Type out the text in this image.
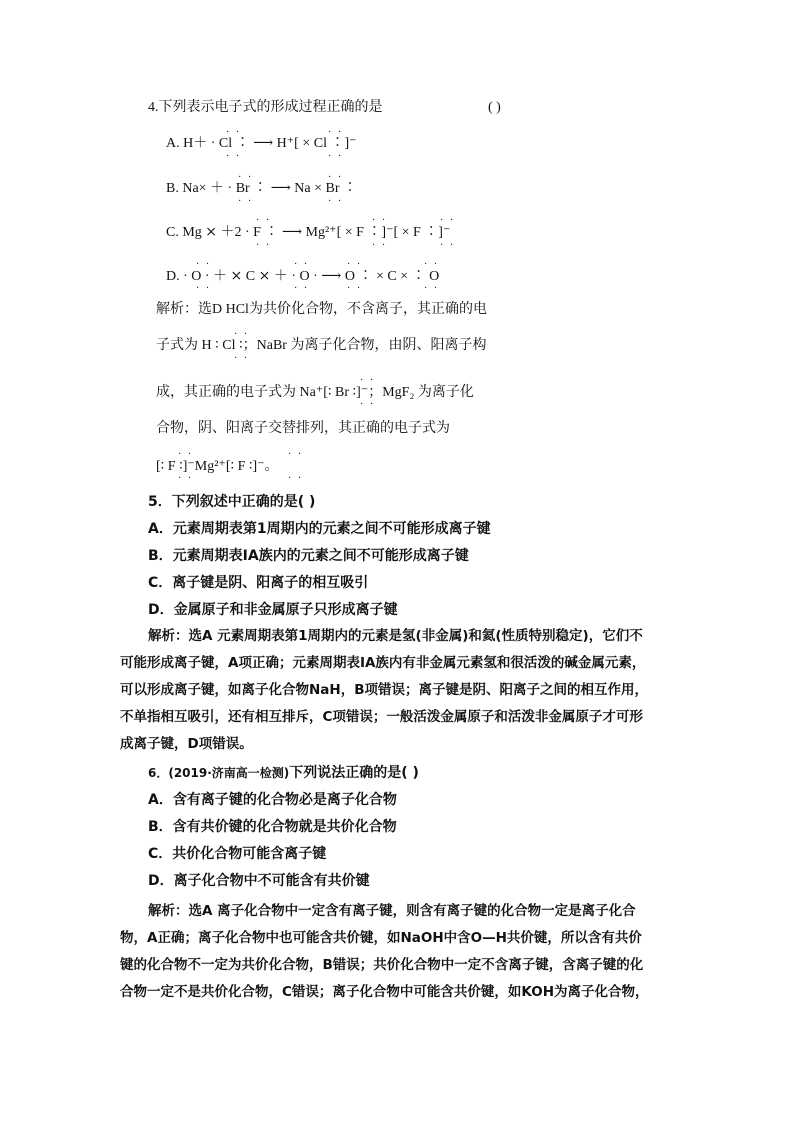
4.下列表示电子式的形成过程正确的是	( )
· ·	· ·
A. H＋ · Cl ∶ ⟶ H⁺[ × Cl ∶]⁻
· ·	· ·
· ·	· ·
B. Na× ＋ · Br ∶ ⟶ Na × Br ∶
· ·	· ·
· ·	· ·	· ·
C. Mg ⨯ ＋2 · F ∶ ⟶ Mg²⁺[ × F ∶]⁻[ × F ∶]⁻
· ·	· ·	· ·
· ·	· ·	· ·	· ·
D. · O · ＋ ⨯ C ⨯ ＋ · O · ⟶ O ∶ × C × ∶ O
· ·	· ·	· ·	· ·
解析：选D HCl为共价化合物，不含离子，其正确的电
· ·
子式为 H ∶ Cl ∶；NaBr 为离子化合物，由阴、阳离子构
· ·
· ·
成，其正确的电子式为 Na⁺[∶ Br ∶]⁻；MgF₂ 为离子化
· ·
合物，阴、阳离子交替排列，其正确的电子式为
· ·	· ·
[∶ F ∶]⁻Mg²⁺[∶ F ∶]⁻。
· ·	· ·
5．下列叙述中正确的是( )
A．元素周期表第1周期内的元素之间不可能形成离子键
B．元素周期表ⅠA族内的元素之间不可能形成离子键
C．离子键是阴、阳离子的相互吸引
D．金属原子和非金属原子只形成离子键
解析：选A 元素周期表第1周期内的元素是氢(非金属)和氦(性质特别稳定)，它们不
可能形成离子键，A项正确；元素周期表ⅠA族内有非金属元素氢和很活泼的碱金属元素，
可以形成离子键，如离子化合物NaH，B项错误；离子键是阴、阳离子之间的相互作用，
不单指相互吸引，还有相互排斥，C项错误；一般活泼金属原子和活泼非金属原子才可形
成离子键，D项错误。
6．(2019·济南高一检测)下列说法正确的是( )
A．含有离子键的化合物必是离子化合物
B．含有共价键的化合物就是共价化合物
C．共价化合物可能含离子键
D．离子化合物中不可能含有共价键
解析：选A 离子化合物中一定含有离子键，则含有离子键的化合物一定是离子化合
物，A正确；离子化合物中也可能含共价键，如NaOH中含O—H共价键，所以含有共价
键的化合物不一定为共价化合物，B错误；共价化合物中一定不含离子键，含离子键的化
合物一定不是共价化合物，C错误；离子化合物中可能含共价键，如KOH为离子化合物，
